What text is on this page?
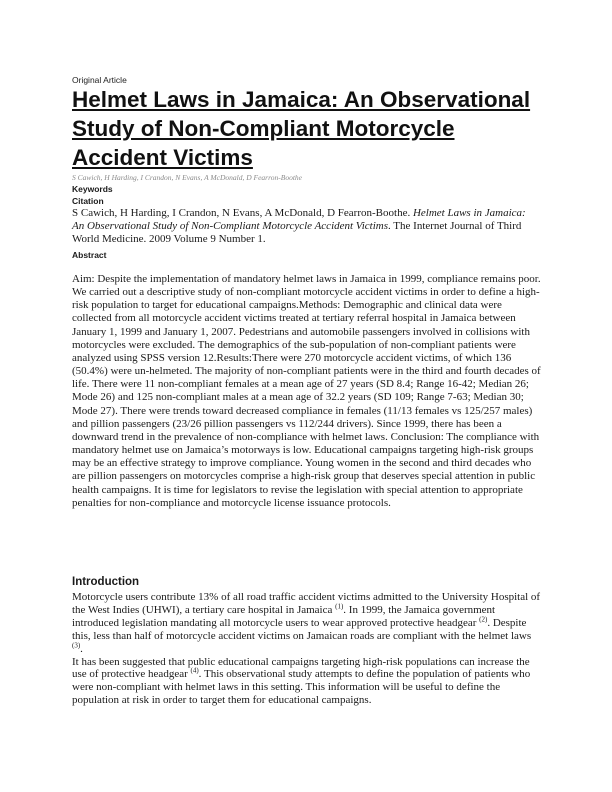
Original Article
Helmet Laws in Jamaica: An Observational Study of Non-Compliant Motorcycle Accident Victims
S Cawich, H Harding, I Crandon, N Evans, A McDonald, D Fearron-Boothe
Keywords
Citation

S Cawich, H Harding, I Crandon, N Evans, A McDonald, D Fearron-Boothe. Helmet Laws in Jamaica: An Observational Study of Non-Compliant Motorcycle Accident Victims. The Internet Journal of Third World Medicine. 2009 Volume 9 Number 1.

Abstract

Aim: Despite the implementation of mandatory helmet laws in Jamaica in 1999, compliance remains poor. We carried out a descriptive study of non-compliant motorcycle accident victims in order to define a high-risk population to target for educational campaigns.Methods: Demographic and clinical data were collected from all motorcycle accident victims treated at tertiary referral hospital in Jamaica between January 1, 1999 and January 1, 2007. Pedestrians and automobile passengers involved in collisions with motorcycles were excluded. The demographics of the sub-population of non-compliant patients were analyzed using SPSS version 12.Results:There were 270 motorcycle accident victims, of which 136 (50.4%) were un-helmeted. The majority of non-compliant patients were in the third and fourth decades of life. There were 11 non-compliant females at a mean age of 27 years (SD 8.4; Range 16-42; Median 26; Mode 26) and 125 non-compliant males at a mean age of 32.2 years (SD 109; Range 7-63; Median 30; Mode 27). There were trends toward decreased compliance in females (11/13 females vs 125/257 males) and pillion passengers (23/26 pillion passengers vs 112/244 drivers). Since 1999, there has been a downward trend in the prevalence of non-compliance with helmet laws. Conclusion: The compliance with mandatory helmet use on Jamaica’s motorways is low. Educational campaigns targeting high-risk groups may be an effective strategy to improve compliance. Young women in the second and third decades who are pillion passengers on motorcycles comprise a high-risk group that deserves special attention in public health campaigns. It is time for legislators to revise the legislation with special attention to appropriate penalties for non-compliance and motorcycle license issuance protocols.

Introduction

Motorcycle users contribute 13% of all road traffic accident victims admitted to the University Hospital of the West Indies (UHWI), a tertiary care hospital in Jamaica $^{(1)}$. In 1999, the Jamaica government introduced legislation mandating all motorcycle users to wear approved protective headgear $^{(2)}$. Despite this, less than half of motorcycle accident victims on Jamaican roads are compliant with the helmet laws $^{(3)}$.

It has been suggested that public educational campaigns targeting high-risk populations can increase the use of protective headgear $^{(4)}$. This observational study attempts to define the population of patients who were non-compliant with helmet laws in this setting. This information will be useful to define the population at risk in order to target them for educational campaigns.
